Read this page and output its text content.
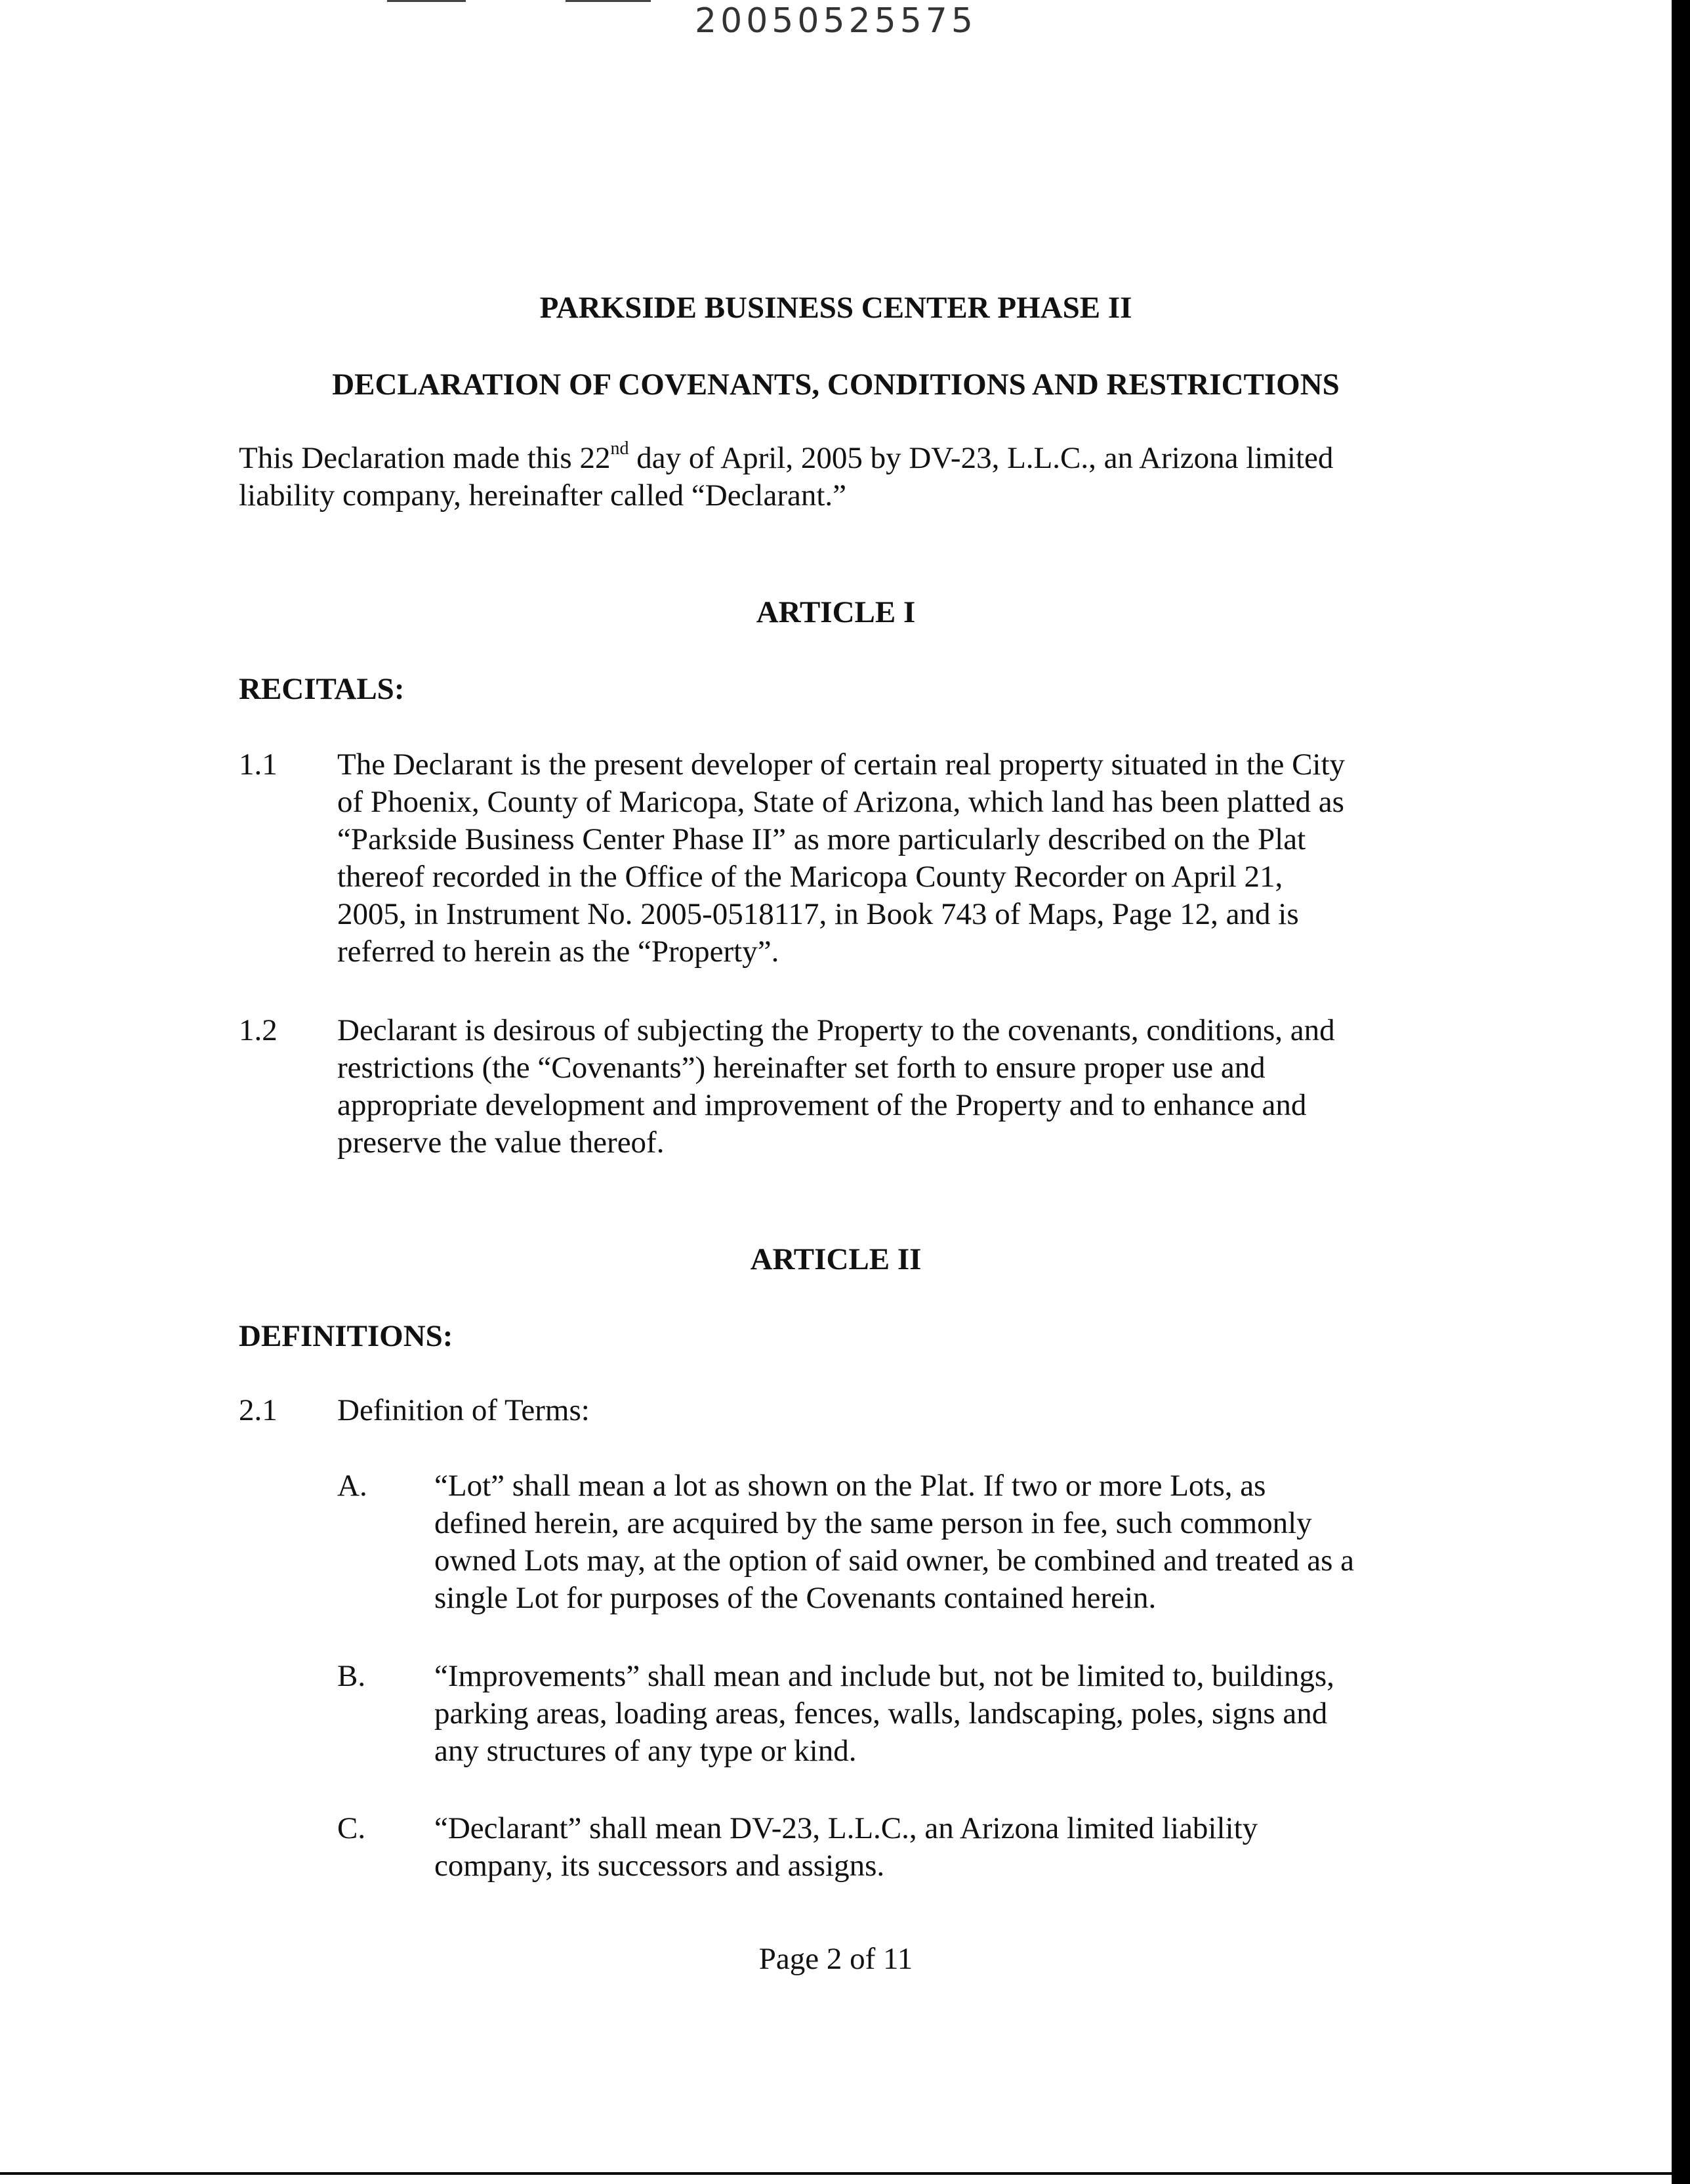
20050525575
PARKSIDE BUSINESS CENTER PHASE II
DECLARATION OF COVENANTS, CONDITIONS AND RESTRICTIONS

This Declaration made this 22nd day of April, 2005 by DV-23, L.L.C., an Arizona limited
liability company, hereinafter called “Declarant.”

ARTICLE I
RECITALS:
1.1 The Declarant is the present developer of certain real property situated in the City
of Phoenix, County of Maricopa, State of Arizona, which land has been platted as
“Parkside Business Center Phase II” as more particularly described on the Plat
thereof recorded in the Office of the Maricopa County Recorder on April 21,
2005, in Instrument No. 2005-0518117, in Book 743 of Maps, Page 12, and is
referred to herein as the “Property”.

1.2 Declarant is desirous of subjecting the Property to the covenants, conditions, and
restrictions (the “Covenants”) hereinafter set forth to ensure proper use and
appropriate development and improvement of the Property and to enhance and
preserve the value thereof.

ARTICLE II
DEFINITIONS:
2.1 Definition of Terms:
A. “Lot” shall mean a lot as shown on the Plat. If two or more Lots, as
defined herein, are acquired by the same person in fee, such commonly
owned Lots may, at the option of said owner, be combined and treated as a
single Lot for purposes of the Covenants contained herein.

B. “Improvements” shall mean and include but, not be limited to, buildings,
parking areas, loading areas, fences, walls, landscaping, poles, signs and
any structures of any type or kind.

C. “Declarant” shall mean DV-23, L.L.C., an Arizona limited liability
company, its successors and assigns.

Page 2 of 11
